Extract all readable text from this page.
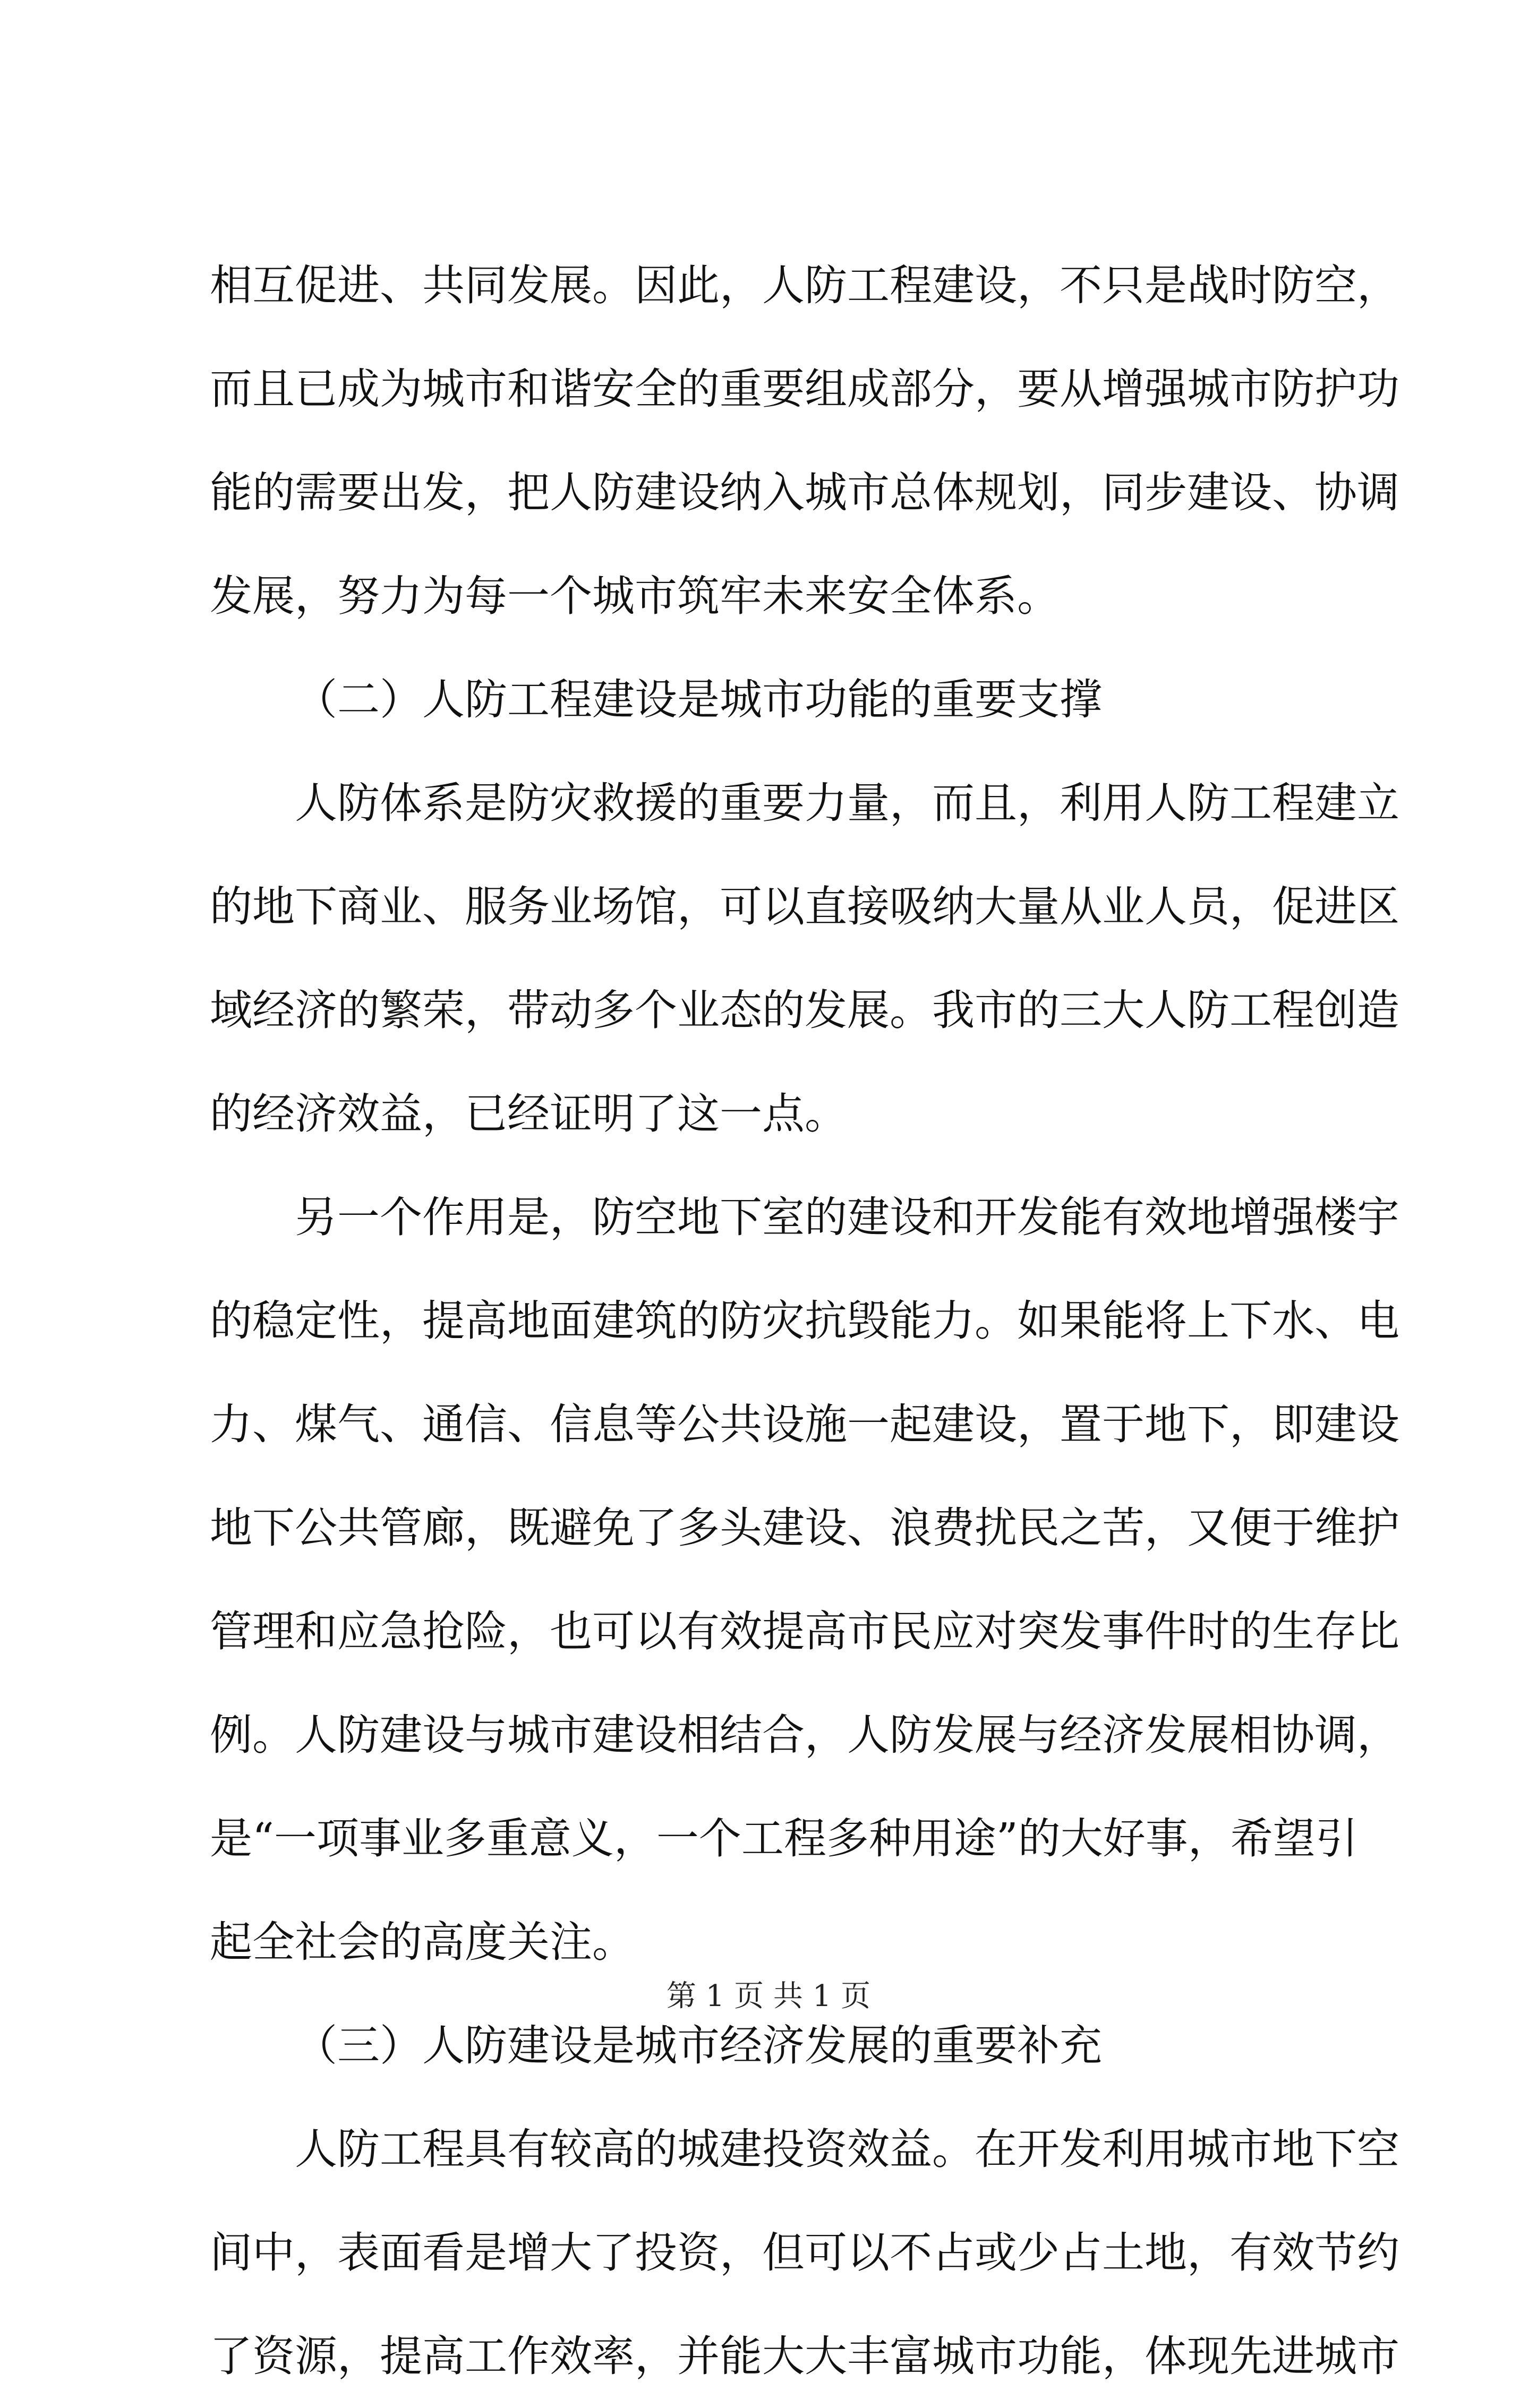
相互促进、共同发展。因此，人防工程建设，不只是战时防空，
而且已成为城市和谐安全的重要组成部分，要从增强城市防护功
能的需要出发，把人防建设纳入城市总体规划，同步建设、协调
发展，努力为每一个城市筑牢未来安全体系。
（二）人防工程建设是城市功能的重要支撑
人防体系是防灾救援的重要力量，而且，利用人防工程建立
的地下商业、服务业场馆，可以直接吸纳大量从业人员，促进区
域经济的繁荣，带动多个业态的发展。我市的三大人防工程创造
的经济效益，已经证明了这一点。
另一个作用是，防空地下室的建设和开发能有效地增强楼宇
的稳定性，提高地面建筑的防灾抗毁能力。如果能将上下水、电
力、煤气、通信、信息等公共设施一起建设，置于地下，即建设
地下公共管廊，既避免了多头建设、浪费扰民之苦，又便于维护
管理和应急抢险，也可以有效提高市民应对突发事件时的生存比
例。人防建设与城市建设相结合，人防发展与经济发展相协调，
是“一项事业多重意义，一个工程多种用途”的大好事，希望引
起全社会的高度关注。
（三）人防建设是城市经济发展的重要补充
人防工程具有较高的城建投资效益。在开发利用城市地下空
间中，表面看是增大了投资，但可以不占或少占土地，有效节约
了资源，提高工作效率，并能大大丰富城市功能，体现先进城市
第 1 页 共 1 页
